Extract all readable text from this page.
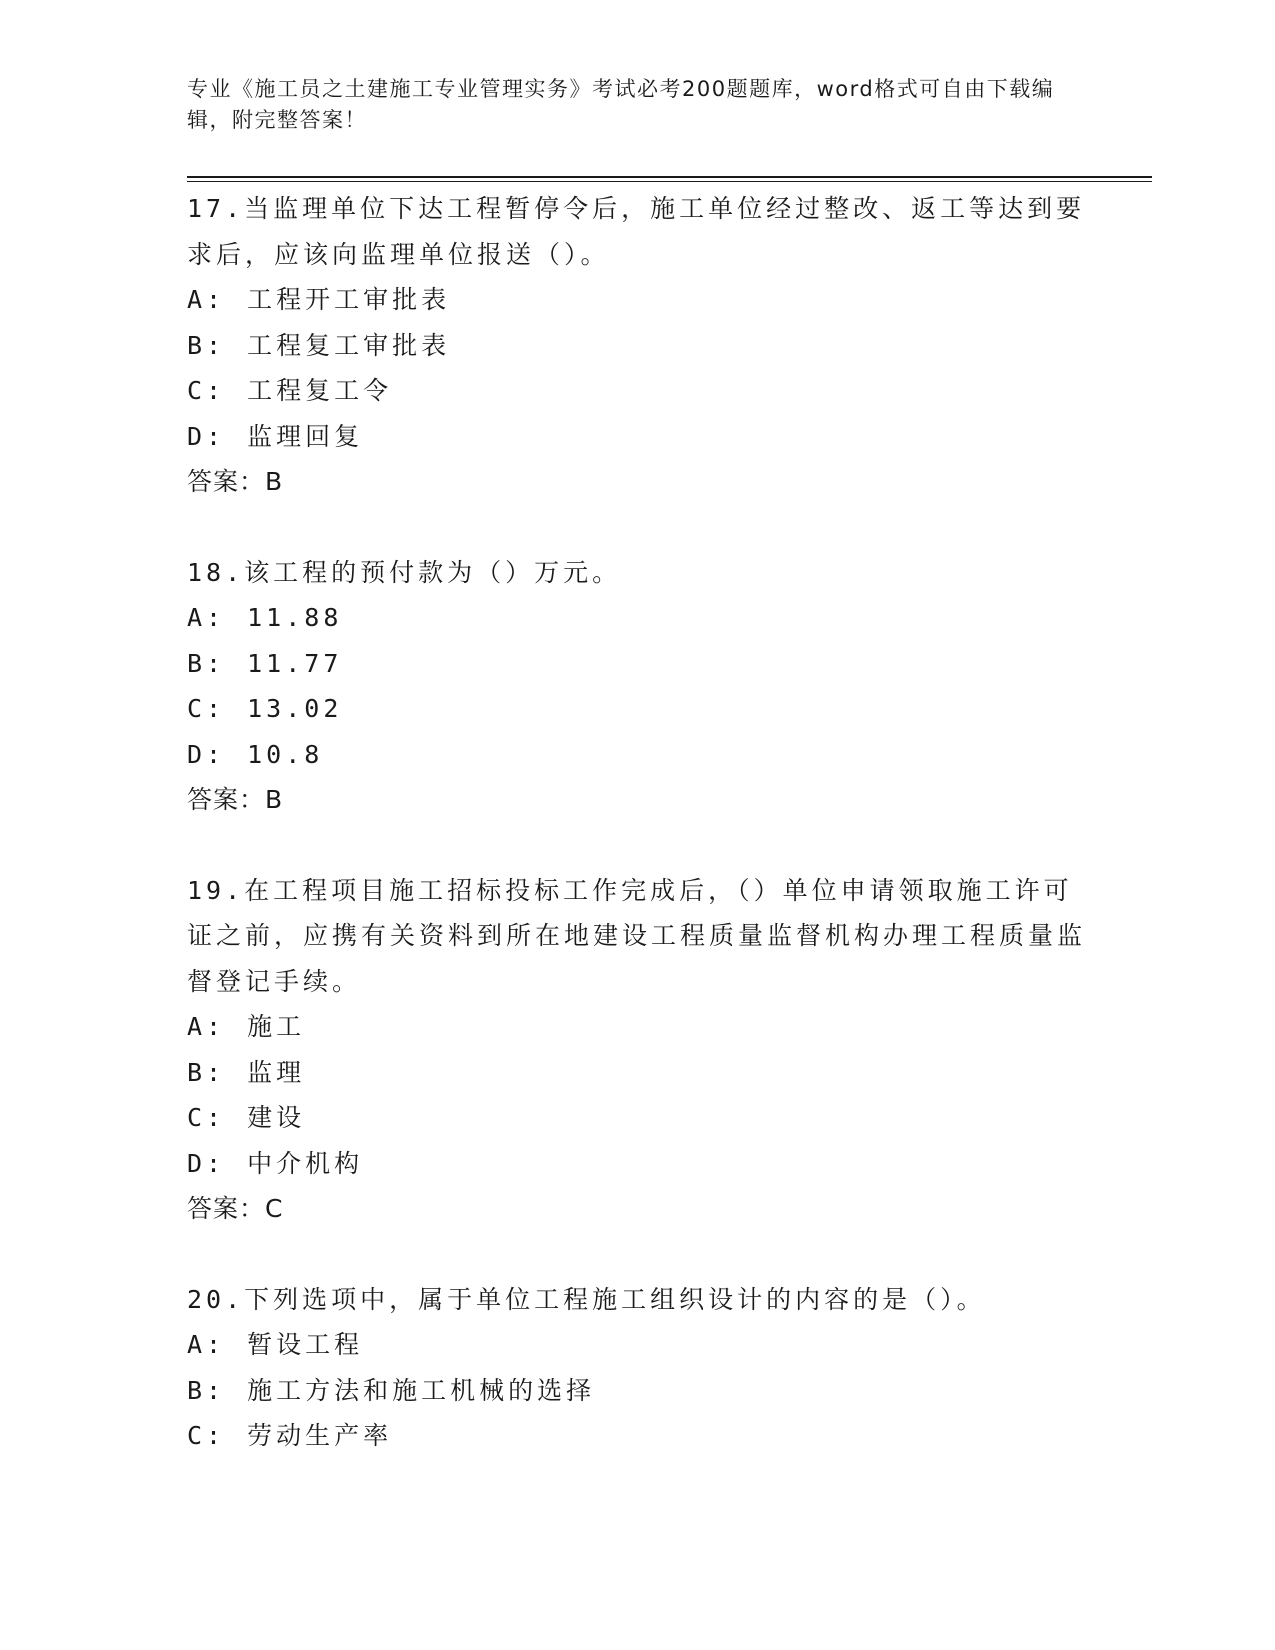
专业《施工员之土建施工专业管理实务》考试必考200题题库，word格式可自由下载编辑，附完整答案！

17.当监理单位下达工程暂停令后，施工单位经过整改、返工等达到要求后，应该向监理单位报送（）。

A: 工程开工审批表
B: 工程复工审批表
C: 工程复工令
D: 监理回复
答案：B

18.该工程的预付款为（）万元。

A: 11.88
B: 11.77
C: 13.02
D: 10.8
答案：B

19.在工程项目施工招标投标工作完成后，（）单位申请领取施工许可证之前，应携有关资料到所在地建设工程质量监督机构办理工程质量监督登记手续。

A: 施工
B: 监理
C: 建设
D: 中介机构
答案：C

20.下列选项中，属于单位工程施工组织设计的内容的是（）。

A: 暂设工程
B: 施工方法和施工机械的选择
C: 劳动生产率
